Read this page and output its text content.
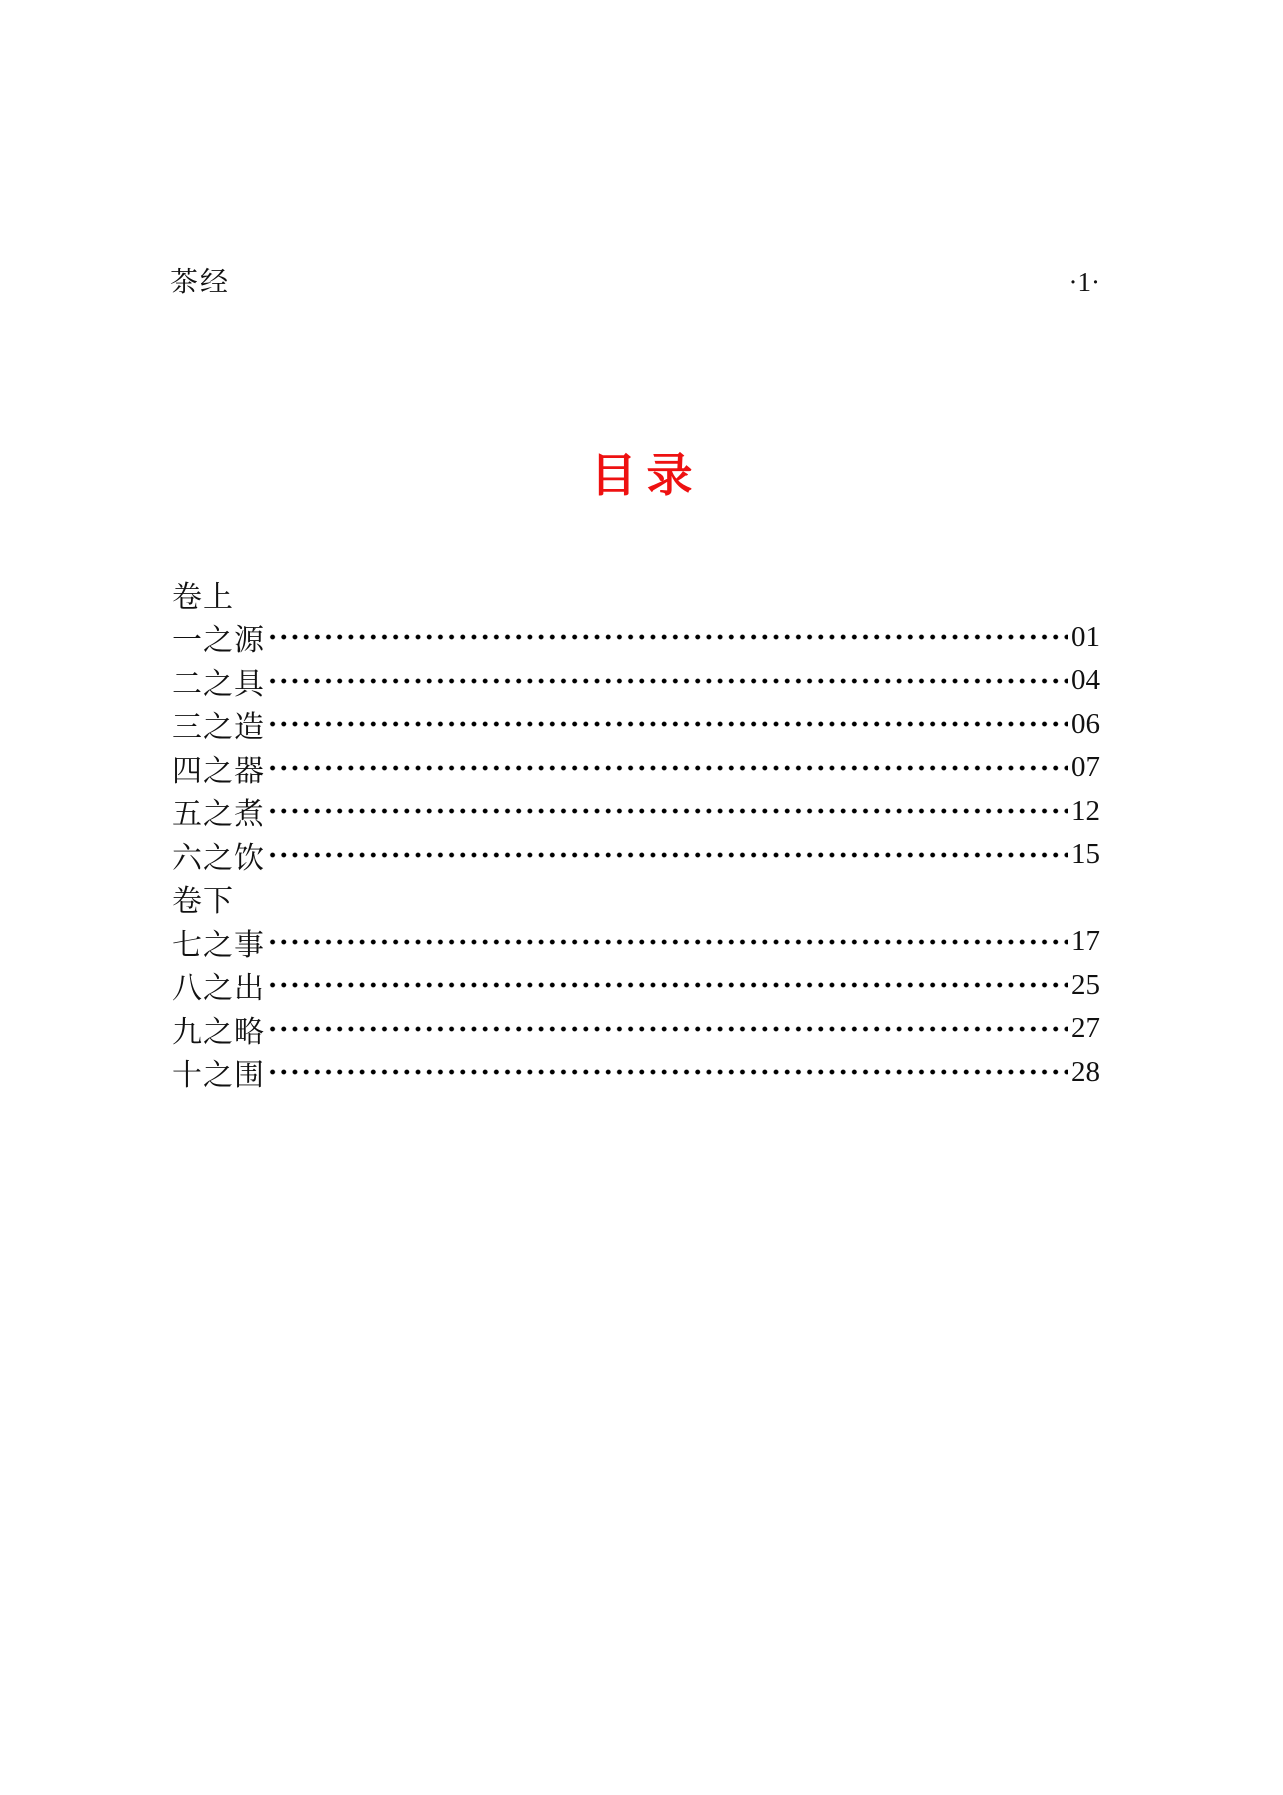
茶经	·1·
目录
卷上
一之源	01
二之具	04
三之造	06
四之器	07
五之煮	12
六之饮	15
卷下
七之事	17
八之出	25
九之略	27
十之围	28
